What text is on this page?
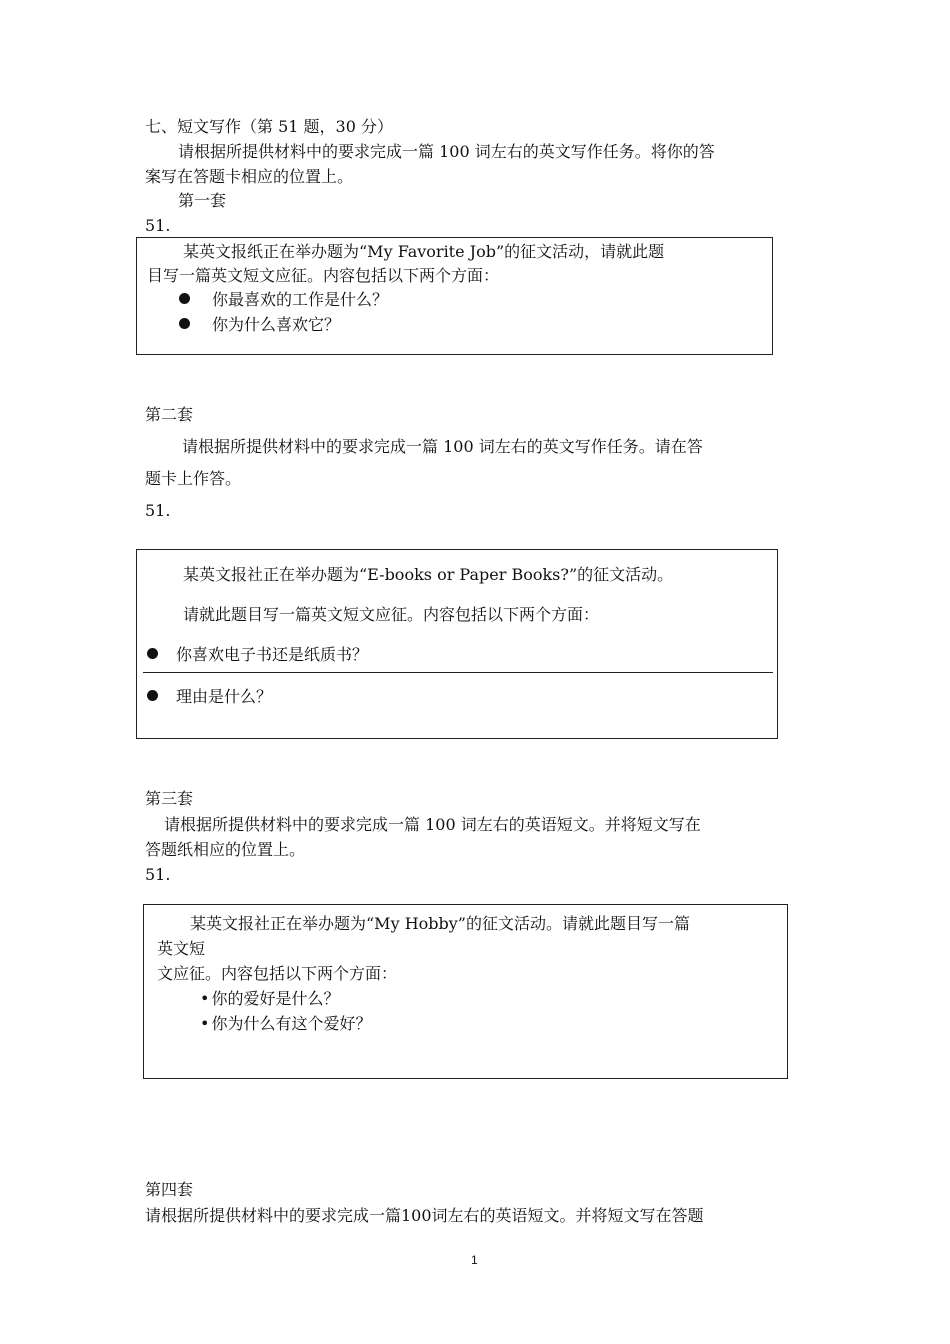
七、短文写作（第 51 题，30 分）
请根据所提供材料中的要求完成一篇 100 词左右的英文写作任务。将你的答
案写在答题卡相应的位置上。
第一套
51.
某英文报纸正在举办题为“My Favorite Job”的征文活动，请就此题
目写一篇英文短文应征。内容包括以下两个方面：
你最喜欢的工作是什么？
你为什么喜欢它？
第二套
请根据所提供材料中的要求完成一篇 100 词左右的英文写作任务。请在答
题卡上作答。
51.
某英文报社正在举办题为“E-books or Paper Books?”的征文活动。
请就此题目写一篇英文短文应征。内容包括以下两个方面：
你喜欢电子书还是纸质书？
理由是什么？
第三套
请根据所提供材料中的要求完成一篇 100 词左右的英语短文。并将短文写在
答题纸相应的位置上。
51.
某英文报社正在举办题为“My Hobby”的征文活动。请就此题目写一篇
英文短
文应征。内容包括以下两个方面：
• 你的爱好是什么？
• 你为什么有这个爱好？
第四套
请根据所提供材料中的要求完成一篇100词左右的英语短文。并将短文写在答题
1
